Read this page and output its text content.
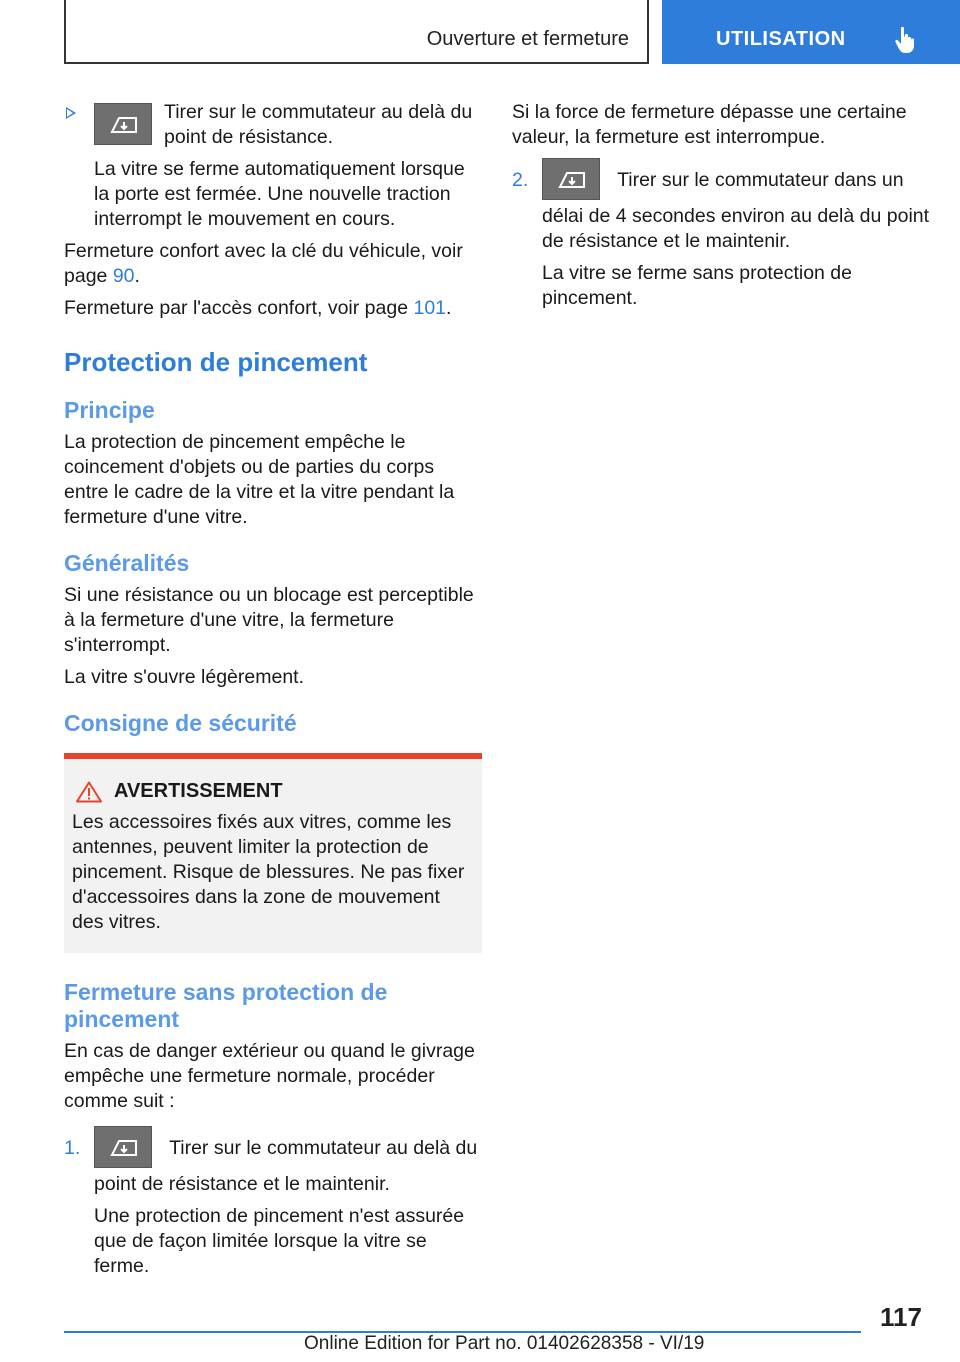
Ouverture et fermeture	UTILISATION
Tirer sur le commutateur au delà du point de résistance.

La vitre se ferme automatiquement lorsque la porte est fermée. Une nouvelle traction interrompt le mouvement en cours.

Fermeture confort avec la clé du véhicule, voir page 90.

Fermeture par l'accès confort, voir page 101.

Protection de pincement
Principe

La protection de pincement empêche le coincement d'objets ou de parties du corps entre le cadre de la vitre et la vitre pendant la fermeture d'une vitre.

Généralités

Si une résistance ou un blocage est perceptible à la fermeture d'une vitre, la fermeture s'interrompt.

La vitre s'ouvre légèrement.

Consigne de sécurité
AVERTISSEMENT

Les accessoires fixés aux vitres, comme les antennes, peuvent limiter la protection de pincement. Risque de blessures. Ne pas fixer d'accessoires dans la zone de mouvement des vitres.

Fermeture sans protection de pincement

En cas de danger extérieur ou quand le givrage empêche une fermeture normale, procéder comme suit :

1.	Tirer sur le commutateur au delà du point de résistance et le maintenir.

Une protection de pincement n'est assurée que de façon limitée lorsque la vitre se ferme.

Si la force de fermeture dépasse une certaine valeur, la fermeture est interrompue.

2.	Tirer sur le commutateur dans un délai de 4 secondes environ au delà du point de résistance et le maintenir.

La vitre se ferme sans protection de pincement.

117
Online Edition for Part no. 01402628358 - VI/19
